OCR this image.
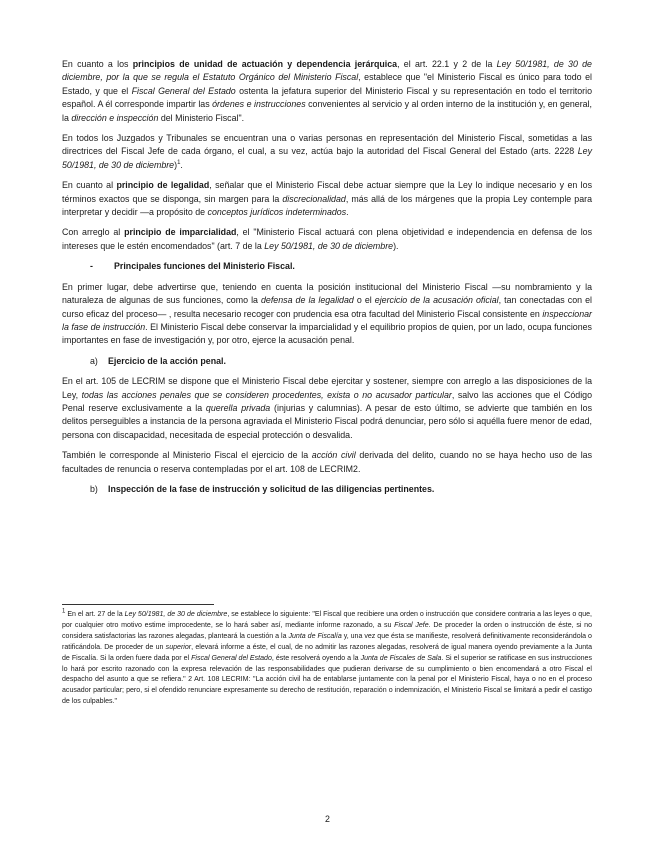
En cuanto a los principios de unidad de actuación y dependencia jerárquica, el art. 22.1 y 2 de la Ley 50/1981, de 30 de diciembre, por la que se regula el Estatuto Orgánico del Ministerio Fiscal, establece que "el Ministerio Fiscal es único para todo el Estado, y que el Fiscal General del Estado ostenta la jefatura superior del Ministerio Fiscal y su representación en todo el territorio español. A él corresponde impartir las órdenes e instrucciones convenientes al servicio y al orden interno de la institución y, en general, la dirección e inspección del Ministerio Fiscal".

En todos los Juzgados y Tribunales se encuentran una o varias personas en representación del Ministerio Fiscal, sometidas a las directrices del Fiscal Jefe de cada órgano, el cual, a su vez, actúa bajo la autoridad del Fiscal General del Estado (arts. 2228 Ley 50/1981, de 30 de diciembre)$^1$.

En cuanto al principio de legalidad, señalar que el Ministerio Fiscal debe actuar siempre que la Ley lo indique necesario y en los términos exactos que se disponga, sin margen para la discrecionalidad, más allá de los márgenes que la propia Ley contemple para interpretar y decidir —a propósito de conceptos jurídicos indeterminados.

Con arreglo al principio de imparcialidad, el "Ministerio Fiscal actuará con plena objetividad e independencia en defensa de los intereses que le estén encomendados" (art. 7 de la Ley 50/1981, de 30 de diciembre).

-	Principales funciones del Ministerio Fiscal.

En primer lugar, debe advertirse que, teniendo en cuenta la posición institucional del Ministerio Fiscal —su nombramiento y la naturaleza de algunas de sus funciones, como la defensa de la legalidad o el ejercicio de la acusación oficial, tan conectadas con el curso eficaz del proceso— , resulta necesario recoger con prudencia esa otra facultad del Ministerio Fiscal consistente en inspeccionar la fase de instrucción. El Ministerio Fiscal debe conservar la imparcialidad y el equilibrio propios de quien, por un lado, ocupa funciones importantes en fase de investigación y, por otro, ejerce la acusación penal.

a)	Ejercicio de la acción penal.

En el art. 105 de LECRIM se dispone que el Ministerio Fiscal debe ejercitar y sostener, siempre con arreglo a las disposiciones de la Ley, todas las acciones penales que se consideren procedentes, exista o no acusador particular, salvo las acciones que el Código Penal reserve exclusivamente a la querella privada (injurias y calumnias). A pesar de esto último, se advierte que también en los delitos perseguibles a instancia de la persona agraviada el Ministerio Fiscal podrá denunciar, pero sólo si aquélla fuere menor de edad, persona con discapacidad, necesitada de especial protección o desvalida.

También le corresponde al Ministerio Fiscal el ejercicio de la acción civil derivada del delito, cuando no se haya hecho uso de las facultades de renuncia o reserva contempladas por el art. 108 de LECRIM2.

b)	Inspección de la fase de instrucción y solicitud de las diligencias pertinentes.
$^1$ En el art. 27 de la Ley 50/1981, de 30 de diciembre, se establece lo siguiente: "El Fiscal que recibiere una orden o instrucción que considere contraria a las leyes o que, por cualquier otro motivo estime improcedente, se lo hará saber así, mediante informe razonado, a su Fiscal Jefe. De proceder la orden o instrucción de éste, si no considera satisfactorias las razones alegadas, planteará la cuestión a la Junta de Fiscalía y, una vez que ésta se manifieste, resolverá definitivamente reconsiderándola o ratificándola. De proceder de un superior, elevará informe a éste, el cual, de no admitir las razones alegadas, resolverá de igual manera oyendo previamente a la Junta de Fiscalía. Si la orden fuere dada por el Fiscal General del Estado, éste resolverá oyendo a la Junta de Fiscales de Sala. Si el superior se ratificase en sus instrucciones lo hará por escrito razonado con la expresa relevación de las responsabilidades que pudieran derivarse de su cumplimiento o bien encomendará a otro Fiscal el despacho del asunto a que se refiera." 2 Art. 108 LECRIM: "La acción civil ha de entablarse juntamente con la penal por el Ministerio Fiscal, haya o no en el proceso acusador particular; pero, si el ofendido renunciare expresamente su derecho de restitución, reparación o indemnización, el Ministerio Fiscal se limitará a pedir el castigo de los culpables."
2
